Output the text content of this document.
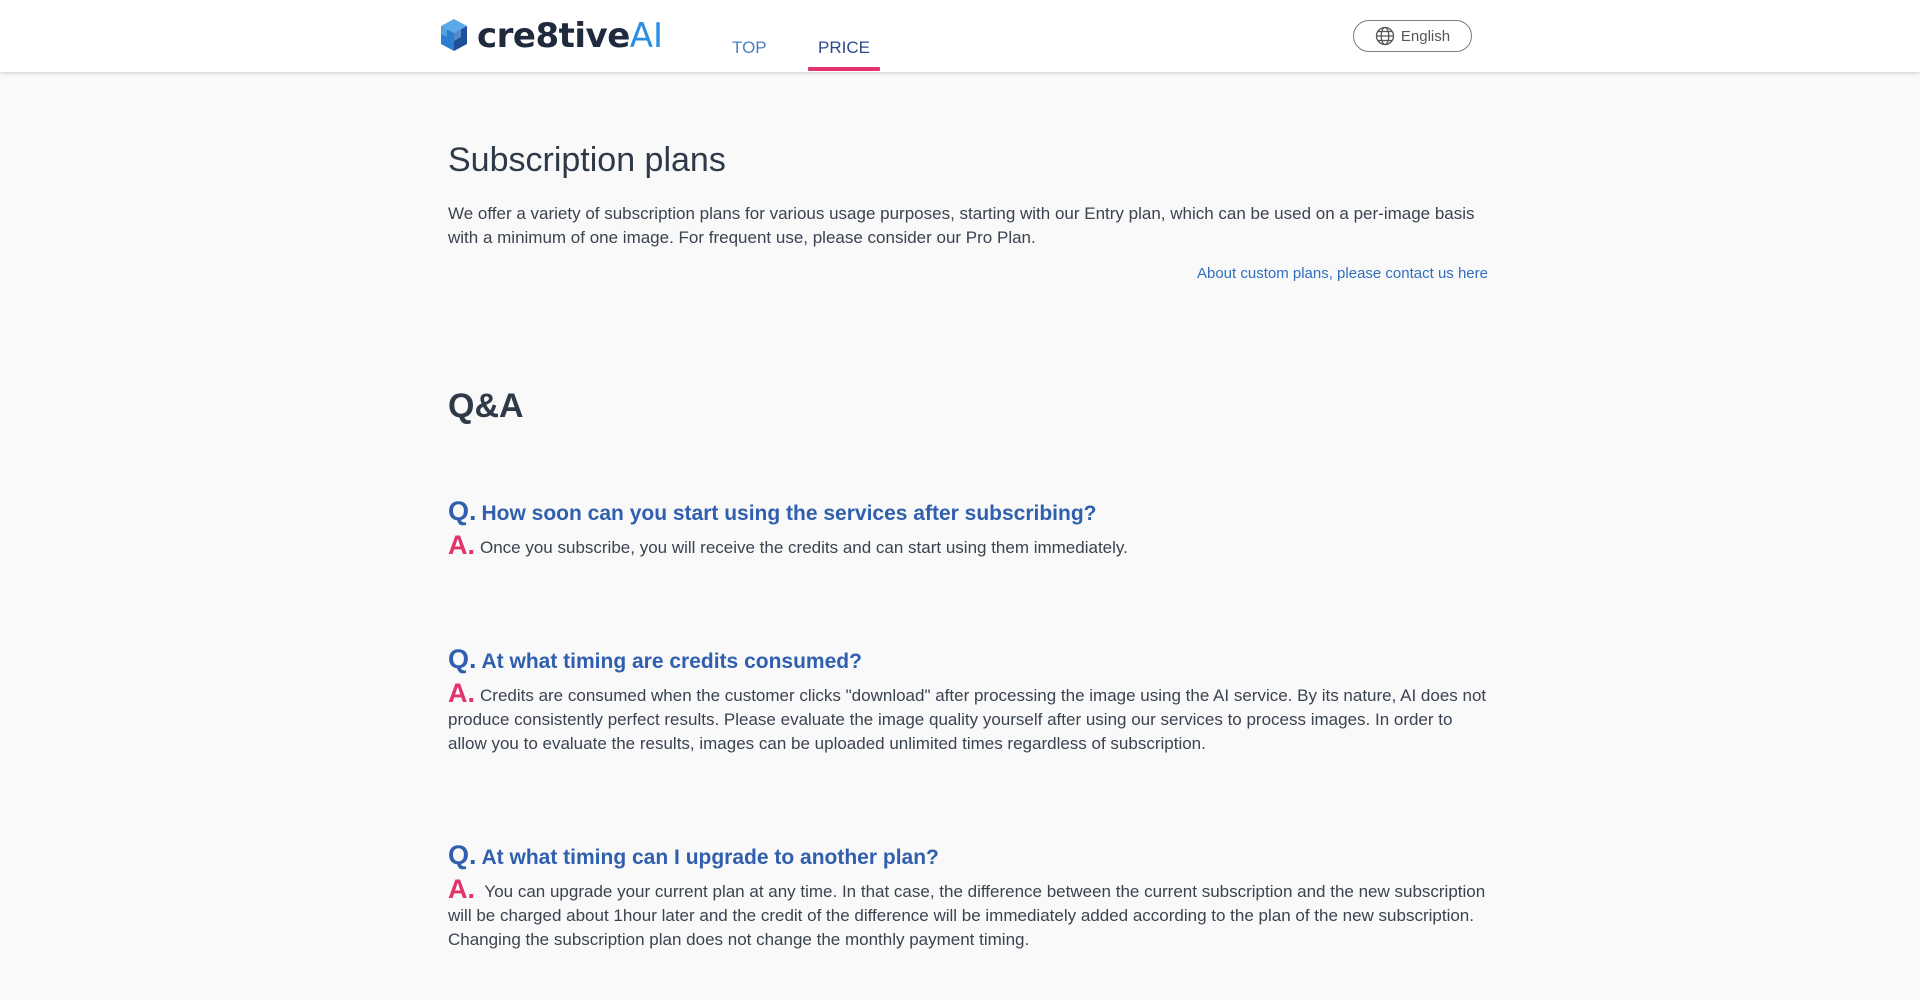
cre8tive AI	TOP	PRICE
English
Subscription plans

We offer a variety of subscription plans for various usage purposes, starting with our Entry plan, which can be used on a per-image basis with a minimum of one image. For frequent use, please consider our Pro Plan.

About custom plans, please contact us here
Q&A
Q. How soon can you start using the services after subscribing?
A. Once you subscribe, you will receive the credits and can start using them immediately.
Q. At what timing are credits consumed?
A. Credits are consumed when the customer clicks "download" after processing the image using the AI service. By its nature, AI does not produce consistently perfect results. Please evaluate the image quality yourself after using our services to process images. In order to allow you to evaluate the results, images can be uploaded unlimited times regardless of subscription.
Q. At what timing can I upgrade to another plan?
A. You can upgrade your current plan at any time. In that case, the difference between the current subscription and the new subscription will be charged about 1hour later and the credit of the difference will be immediately added according to the plan of the new subscription. Changing the subscription plan does not change the monthly payment timing.
